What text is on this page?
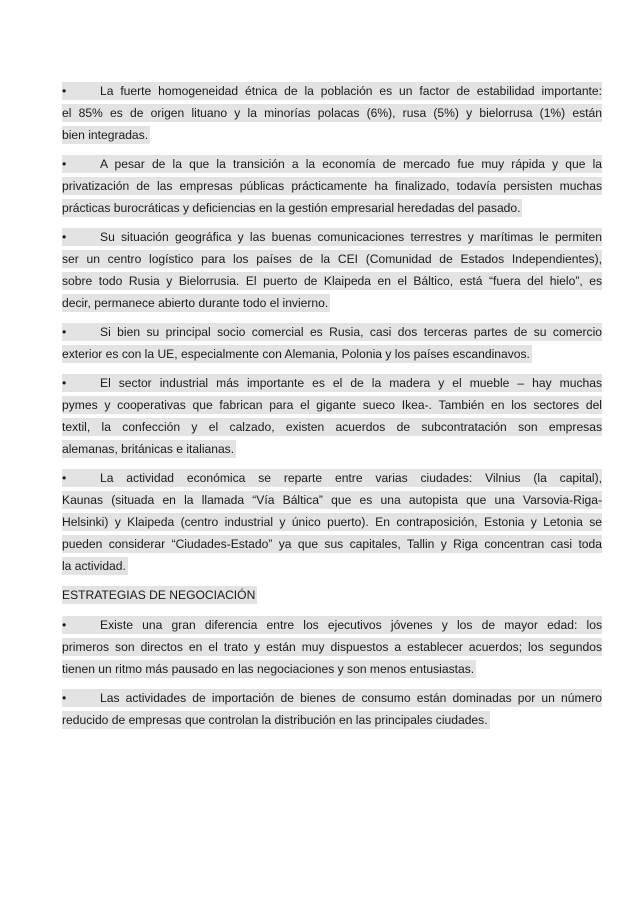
•	La fuerte homogeneidad étnica de la población es un factor de estabilidad importante:
el 85% es de origen lituano y la minorías polacas (6%), rusa (5%) y bielorrusa (1%) están
bien integradas.
•	A pesar de la que la transición a la economía de mercado fue muy rápida y que la
privatización de las empresas públicas prácticamente ha finalizado, todavía persisten muchas
prácticas burocráticas y deficiencias en la gestión empresarial heredadas del pasado.
•	Su situación geográfica y las buenas comunicaciones terrestres y marítimas le permiten
ser un centro logístico para los países de la CEI (Comunidad de Estados Independientes),
sobre todo Rusia y Bielorrusia. El puerto de Klaipeda en el Báltico, está “fuera del hielo”, es
decir, permanece abierto durante todo el invierno.
•	Si bien su principal socio comercial es Rusia, casi dos terceras partes de su comercio
exterior es con la UE, especialmente con Alemania, Polonia y los países escandinavos.
•	El sector industrial más importante es el de la madera y el mueble – hay muchas
pymes y cooperativas que fabrican para el gigante sueco Ikea-. También en los sectores del
textil, la confección y el calzado, existen acuerdos de subcontratación son empresas
alemanas, británicas e italianas.
•	La actividad económica se reparte entre varias ciudades: Vilnius (la capital),
Kaunas (situada en la llamada “Vía Báltica” que es una autopista que una Varsovia-Riga-
Helsinki) y Klaipeda (centro industrial y único puerto). En contraposición, Estonia y Letonia se
pueden considerar “Ciudades-Estado” ya que sus capitales, Tallin y Riga concentran casi toda
la actividad.
ESTRATEGIAS DE NEGOCIACIÓN
•	Existe una gran diferencia entre los ejecutivos jóvenes y los de mayor edad: los
primeros son directos en el trato y están muy dispuestos a establecer acuerdos; los segundos
tienen un ritmo más pausado en las negociaciones y son menos entusiastas.
•	Las actividades de importación de bienes de consumo están dominadas por un número
reducido de empresas que controlan la distribución en las principales ciudades.
